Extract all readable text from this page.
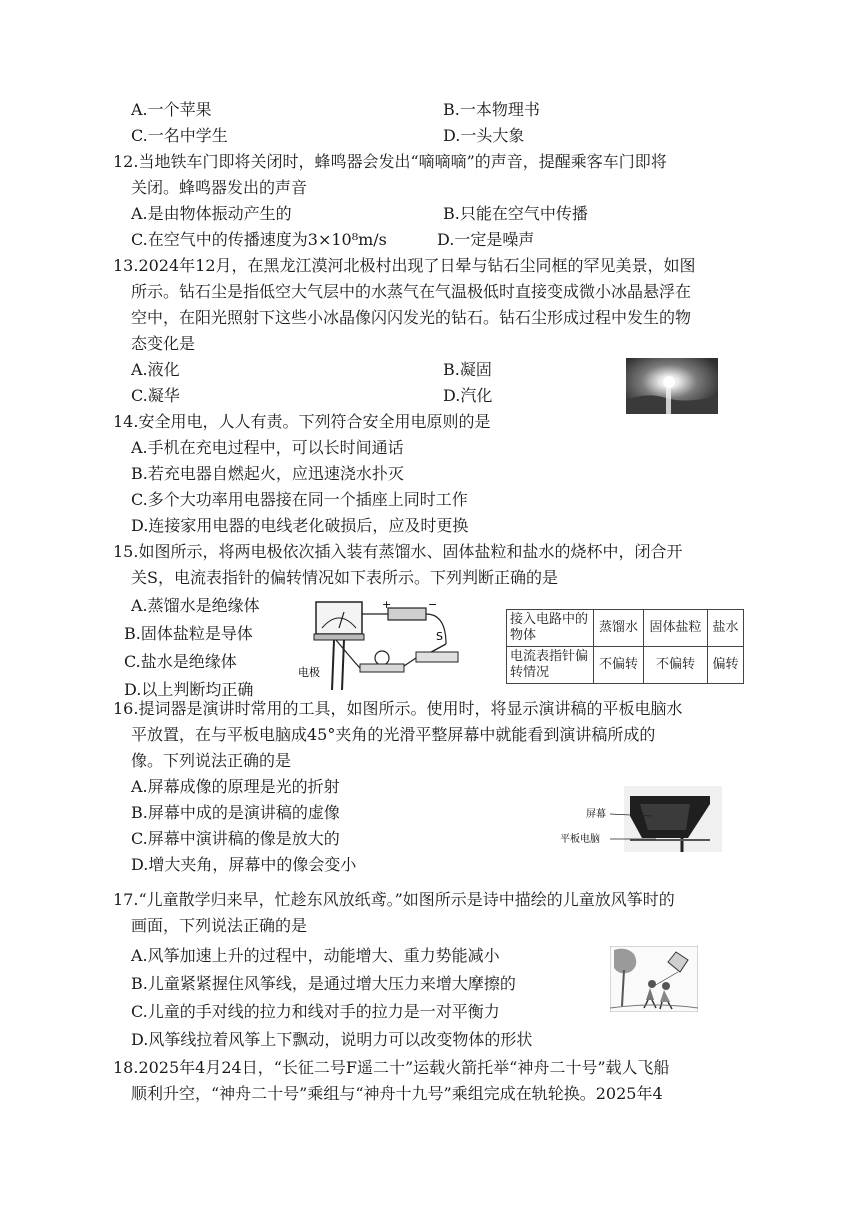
A.一个苹果	B.一本物理书
C.一名中学生	D.一头大象
12.当地铁车门即将关闭时，蜂鸣器会发出“嘀嘀嘀”的声音，提醒乘客车门即将
关闭。蜂鸣器发出的声音
A.是由物体振动产生的	B.只能在空气中传播
C.在空气中的传播速度为3×10⁸m/s	D.一定是噪声
13.2024年12月，在黑龙江漠河北极村出现了日晕与钻石尘同框的罕见美景，如图
所示。钻石尘是指低空大气层中的水蒸气在气温极低时直接变成微小冰晶悬浮在
空中，在阳光照射下这些小冰晶像闪闪发光的钻石。钻石尘形成过程中发生的物
态变化是
A.液化	B.凝固
C.凝华	D.汽化
14.安全用电，人人有责。下列符合安全用电原则的是
A.手机在充电过程中，可以长时间通话
B.若充电器自燃起火，应迅速浇水扑灭
C.多个大功率用电器接在同一个插座上同时工作
D.连接家用电器的电线老化破损后，应及时更换
15.如图所示，将两电极依次插入装有蒸馏水、固体盐粒和盐水的烧杯中，闭合开
关S，电流表指针的偏转情况如下表所示。下列判断正确的是
A.蒸馏水是绝缘体
B.固体盐粒是导体
C.盐水是绝缘体
D.以上判断均正确
+	−
S
电极
接入电路中的物体	蒸馏水	固体盐粒	盐水
电流表指针偏转情况	不偏转	不偏转	偏转
16.提词器是演讲时常用的工具，如图所示。使用时，将显示演讲稿的平板电脑水
平放置，在与平板电脑成45°夹角的光滑平整屏幕中就能看到演讲稿所成的
像。下列说法正确的是
A.屏幕成像的原理是光的折射
B.屏幕中成的是演讲稿的虚像
C.屏幕中演讲稿的像是放大的
D.增大夹角，屏幕中的像会变小
屏幕
平板电脑
17.“儿童散学归来早，忙趁东风放纸鸢。”如图所示是诗中描绘的儿童放风筝时的
画面，下列说法正确的是
A.风筝加速上升的过程中，动能增大、重力势能减小
B.儿童紧紧握住风筝线，是通过增大压力来增大摩擦的
C.儿童的手对线的拉力和线对手的拉力是一对平衡力
D.风筝线拉着风筝上下飘动，说明力可以改变物体的形状
18.2025年4月24日，“长征二号F遥二十”运载火箭托举“神舟二十号”载人飞船
顺利升空，“神舟二十号”乘组与“神舟十九号”乘组完成在轨轮换。2025年4
